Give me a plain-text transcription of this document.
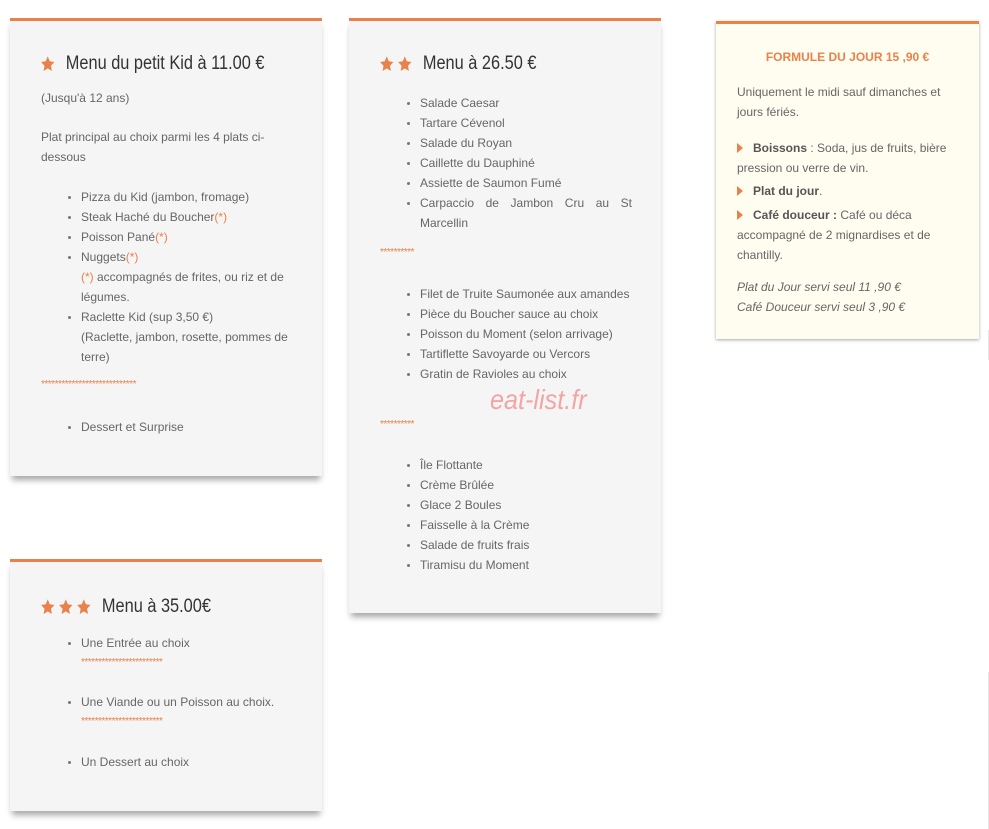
Menu du petit Kid à 11.00 €
(Jusqu'à 12 ans)
Plat principal au choix parmi les 4 plats ci-dessous
Pizza du Kid (jambon, fromage)
Steak Haché du Boucher(*)
Poisson Pané(*)
Nuggets(*)
(*) accompagnés de frites, ou riz et de légumes.
Raclette Kid (sup 3,50 €)
(Raclette, jambon, rosette, pommes de terre)
****************************
Dessert et Surprise
Menu à 35.00€
Une Entrée au choix
************************
Une Viande ou un Poisson au choix.
************************
Un Dessert au choix
Menu à 26.50 €
Salade Caesar
Tartare Cévenol
Salade du Royan
Caillette du Dauphiné
Assiette de Saumon Fumé
Carpaccio de Jambon Cru au St Marcellin
**********
Filet de Truite Saumonée aux amandes
Pièce du Boucher sauce au choix
Poisson du Moment (selon arrivage)
Tartiflette Savoyarde ou Vercors
Gratin de Ravioles au choix
**********
Île Flottante
Crème Brûlée
Glace 2 Boules
Faisselle à la Crème
Salade de fruits frais
Tiramisu du Moment
FORMULE DU JOUR 15 ,90 €
Uniquement le midi sauf dimanches et jours fériés.
Boissons : Soda, jus de fruits, bière pression ou verre de vin.
Plat du jour.
Café douceur : Café ou déca accompagné de 2 mignardises et de chantilly.
Plat du Jour servi seul 11 ,90 €
Café Douceur servi seul 3 ,90 €
eat-list.fr
